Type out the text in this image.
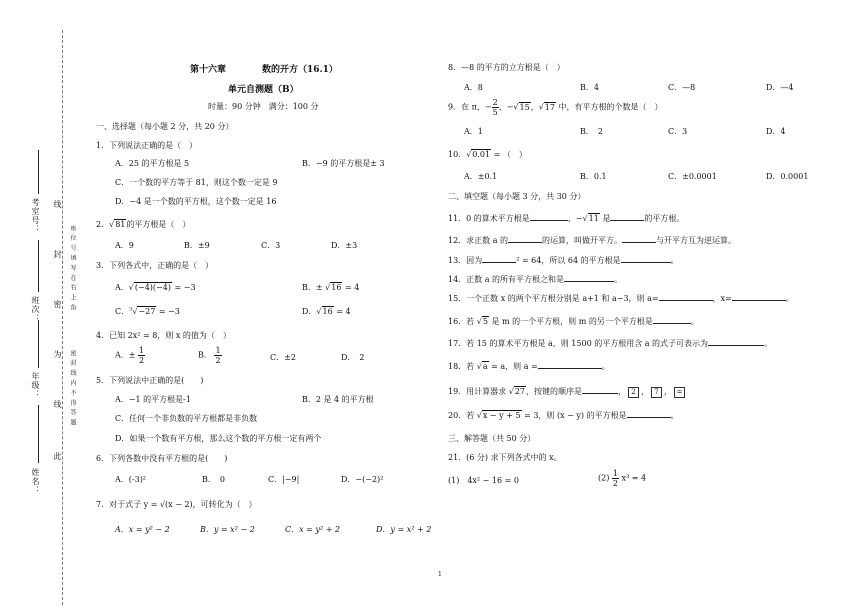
考室号：
班次：
年级：
姓名：
线
封
密
为
线
此
座 位 号 填 写 在 右 上 角
密 封 线 内 不 得 答 题
第十六章	数的开方（16.1）
单元自测题（B）
时量：90 分钟　满分：100 分
一、选择题（每小题 2 分，共 20 分）
1．下列说法正确的是（　）
A．25 的平方根是 5	B．−9 的平方根是± 3
C．一个数的平方等于 81，则这个数一定是 9
D．−4 是一个数的平方根，这个数一定是 16
2．√81的平方根是（　）
A．9	B．±9	C．3	D．±3
3．下列各式中，正确的是（　）
A．√(−4)(−4) = −3	B．± √16 = 4
C．$^3$√−27 = −3	D．√16 = 4
4．已知 2x² = 8，则 x 的值为（　）
A．± $\frac{1}{2}$	B． $\frac{1}{2}$	C．±2	D．　2
5．下列说法中正确的是(　　)
A．−1 的平方根是-1	B．2 是 4 的平方根
C．任何一个非负数的平方根都是非负数
D．如果一个数有平方根，那么这个数的平方根一定有两个
6．下列各数中没有平方根的是(　　)
A．(-3)²	B．　0	C．|−9|	D．−(−2)²
7．对于式子 y = √(x − 2)，可转化为（　）
A．x = y² − 2	B．y = x² − 2	C．x = y² + 2	D．y = x² + 2
8．—8 的平方的立方根是（　）
A．8	B．4	C．—8	D．—4
9．在 π，− $\frac{2}{5}$，−√15，√17 中，有平方根的个数是（　）
A．1	B．　2	C．3	D．4
10．√0.01 = （　）
A．±0.1	B．0.1	C．±0.0001	D．0.0001
二、填空题（每小题 3 分，共 30 分）
11．0 的算术平方根是	，−√11 是	的平方根。
12．求正数 a 的	的运算，叫做开平方。	与开平方互为逆运算。
13．因为	² = 64，所以 64 的平方根是	。
14．正数 a 的所有平方根之和是	。
15．一个正数 x 的两个平方根分别是 a+1 和 a−3，则 a=	，x=	。
16．若 √5 是 m 的一个平方根，则 m 的另一个平方根是	。
17．若 15 的算术平方根是 a，则 1500 的平方根用含 a 的式子可表示为	。
18．若 √a = a，则 a =	。
19．用计算器求 √27，按键的顺序是	， 2 ， 7 ， =
20．若 √x − y + 5 = 3，则 (x − y) 的平方根是	。
三、解答题（共 50 分）
21．(6 分) 求下列各式中的 x。
(1)　4x² − 16 = 0	$(2) \frac{1}{2} x^3 = 4$
1
